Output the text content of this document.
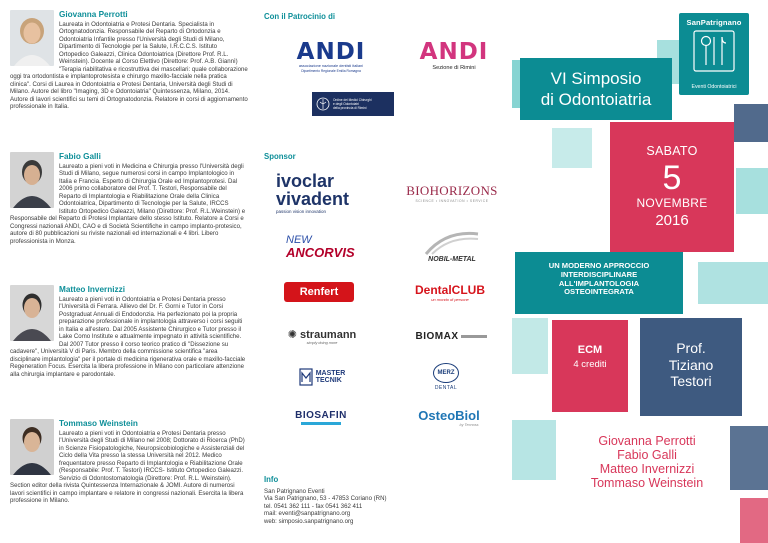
Giovanna Perrotti
Laureata in Odontoiatria e Protesi Dentaria. Specialista in Ortognatodonzia. Responsabile del Reparto di Ortodonzia e Odontoiatria Infantile presso l'Università degli Studi di Milano, Dipartimento di Tecnologie per la Salute, I.R.C.C.S. Istituto Ortopedico Galeazzi, Clinica Odontoiatrica (Direttore Prof. R.L. Weinstein). Docente al Corso Elettivo (Direttore: Prof. A.B. Giannì) "Terapia riabilitativa e ricostruttiva dei mascellari: quale collaborazione oggi tra ortodontista e implantoprotesista e chirurgo maxillo-facciale nella pratica clinica". Corsi di Laurea in Odontoiatria e Protesi Dentaria, Università degli Studi di Milano. Autore del libro "Imaging, 3D e Odontoiatria" Quintessenza, Milano, 2014. Autore di lavori scientifici su temi di Ortognatodonzia. Relatore in corsi di aggiornamento professionale in Italia.
Fabio Galli
Laureato a pieni voti in Medicina e Chirurgia presso l'Università degli Studi di Milano, segue numerosi corsi in campo Implantologico in Italia e Francia. Esperto di Chirurgia Orale ed Implantoprotesi. Dal 2006 primo collaboratore del Prof. T. Testori, Responsabile del Reparto di Implantologia e Riabilitazione Orale della Clinica Odontoiatrica, Dipartimento di Tecnologie per la Salute, IRCCS Istituto Ortopedico Galeazzi, Milano (Direttore: Prof. R.L.Weinstein) e Responsabile del Reparto di Protesi Implantare dello stesso Istituto. Relatore a Corsi e Congressi nazionali ANDI, CAO e di Società Scientifiche in campo implanto-protesico, autore di 80 pubblicazioni su riviste nazionali ed internazionali e 4 libri. Libero professionista in Monza.
Matteo Invernizzi
Laureato a pieni voti in Odontoiatria e Protesi Dentaria presso l'Università di Ferrara. Allievo del Dr. F. Gorni e Tutor in Corsi Postgraduat Annuali di Endodonzia. Ha perfezionato poi la propria preparazione professionale in implantologia attraverso i corsi seguiti in Italia e all'estero. Dal 2005 Assistente Chirurgico e Tutor presso il Lake Como Institute e attualmente impegnato in attività scientifiche. Dal 2007 Tutor presso il corso teorico pratico di "Dissezione su cadavere", Università V di Paris. Membro della commissione scientifica "area disciplinare implantologia" per il portale di medicina rigenerativa orale e maxillo-facciale Regeneration Focus. Esercita la libera professione in Milano con particolare attenzione alla chirurgia implantare e parodontale.
Tommaso Weinstein
Laureato a pieni voti in Odontoiatria e Protesi Dentaria presso l'Università degli Studi di Milano nel 2008; Dottorato di Ricerca (PhD) in Scienze Fisiopatologiche, Neuropsicobiologiche e Assistenziali del Ciclo della Vita presso la stessa Università nel 2012. Medico frequentatore presso Reparto di Implantologia e Riabilitazione Orale (Responsabile: Prof. T. Testori) IRCCS- Istituto Ortopedico Galeazzi. Servizio di Odontostomatologia (Direttore: Prof. R.L. Weinstein). Section editor della rivista Quintessenza Internazionale & JOMI. Autore di numerosi lavori scientifici in campo implantare e relatore in congressi nazionali. Esercita la libera professione in Milano.
Con il Patrocinio di
ANDI
associazione nazionale dentisti italiani
Dipartimento Regionale Emilia Romagna
ANDI
Sezione di Rimini
Ordine dei Medici Chirurghi
e degli Odontoiatri
della provincia di Rimini
Sponsor
ivoclar
vivadent
passion vision innovation
BIOHORIZONS
SCIENCE • INNOVATION • SERVICE
NEW
ANCORVIS	NOBIL-METAL
Renfert	DentalCLUB
un mondo di persone
✺ straumann
simply doing more
BIOMAX
MASTER
TECNIK
MERZ
DENTAL
BIOSAFIN	OsteoBiol
by Tecnoss
Info
San Patrignano Eventi
Via San Patrignano, 53 - 47853 Coriano (RN)
tel. 0541 362 111 - fax 0541 362 411
mail: eventi@sanpatrignano.org
web: simposio.sanpatrignano.org
SanPatrignano
Eventi Odontoiatrici
VI Simposio
di Odontoiatria
SABATO
5
NOVEMBRE
2016
UN MODERNO APPROCCIO
INTERDISCIPLINARE
ALL'IMPLANTOLOGIA
OSTEOINTEGRATA
ECM
4 crediti
Prof.
Tiziano
Testori
Giovanna Perrotti
Fabio Galli
Matteo Invernizzi
Tommaso Weinstein
